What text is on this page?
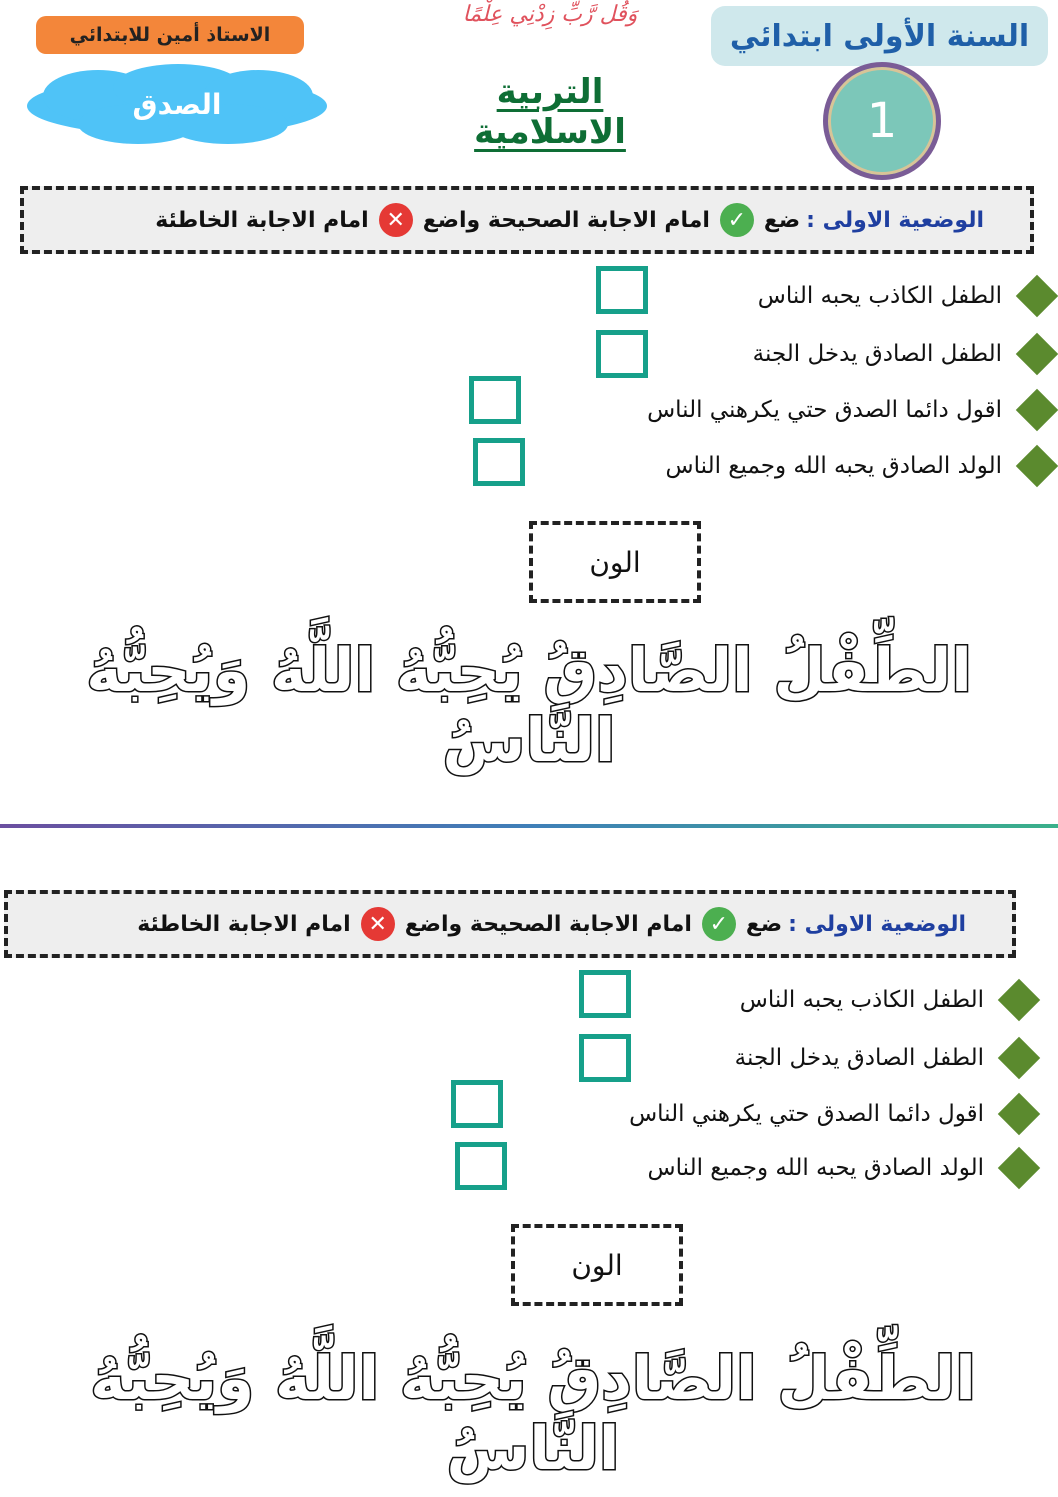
السنة الأولى ابتدائي
1
وَقُل رَّبِّ زِدْنِي عِلْمًا
التربية الاسلامية
الاستاذ أمين للابتدائي
الصدق
الوضعية الاولى :
ضع
✓
امام الاجابة الصحيحة واضع
✕
امام الاجابة الخاطئة
الطفل الكاذب يحبه الناس
الطفل الصادق يدخل الجنة
اقول دائما الصدق حتي يكرهني الناس
الولد الصادق يحبه الله وجميع الناس
الون
الطِّفْلُ الصَّادِقُ يُحِبُّهُ اللَّهُ وَيُحِبُّهُ النَّاسُ
الوضعية الاولى :
ضع
✓
امام الاجابة الصحيحة واضع
✕
امام الاجابة الخاطئة
الطفل الكاذب يحبه الناس
الطفل الصادق يدخل الجنة
اقول دائما الصدق حتي يكرهني الناس
الولد الصادق يحبه الله وجميع الناس
الون
الطِّفْلُ الصَّادِقُ يُحِبُّهُ اللَّهُ وَيُحِبُّهُ النَّاسُ
